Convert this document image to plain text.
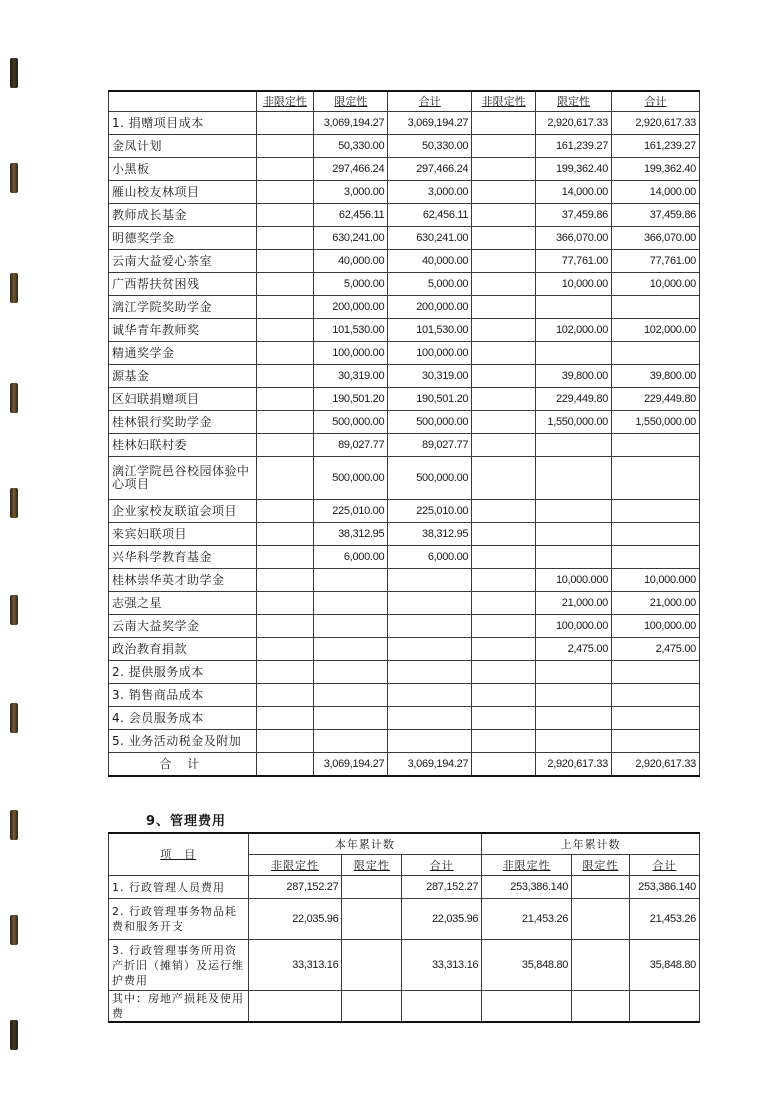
	非限定性	限定性	合计	非限定性	限定性	合计
1. 捐赠项目成本		3,069,194.27	3,069,194.27		2,920,617.33	2,920,617.33
金凤计划		50,330.00	50,330.00		161,239.27	161,239.27
小黑板		297,466.24	297,466.24		199,362.40	199,362.40
雁山校友林项目		3,000.00	3,000.00		14,000.00	14,000.00
教师成长基金		62,456.11	62,456.11		37,459.86	37,459.86
明德奖学金		630,241.00	630,241.00		366,070.00	366,070.00
云南大益爱心茶室		40,000.00	40,000.00		77,761.00	77,761.00
广西帮扶贫困残		5,000.00	5,000.00		10,000.00	10,000.00
漓江学院奖助学金		200,000.00	200,000.00			
诚华青年教师奖		101,530.00	101,530.00		102,000.00	102,000.00
精通奖学金		100,000.00	100,000.00			
源基金		30,319.00	30,319.00		39,800.00	39,800.00
区妇联捐赠项目		190,501.20	190,501.20		229,449.80	229,449.80
桂林银行奖助学金		500,000.00	500,000.00		1,550,000.00	1,550,000.00
桂林妇联村委		89,027.77	89,027.77			
漓江学院邑谷校园体验中心项目		500,000.00	500,000.00			
企业家校友联谊会项目		225,010.00	225,010.00			
来宾妇联项目		38,312.95	38,312.95			
兴华科学教育基金		6,000.00	6,000.00			
桂林崇华英才助学金					10,000.000	10,000.000
志强之星					21,000.00	21,000.00
云南大益奖学金					100,000.00	100,000.00
政治教育捐款					2,475.00	2,475.00
2. 提供服务成本						
3. 销售商品成本						
4. 会员服务成本						
5. 业务活动税金及附加						
合 计		3,069,194.27	3,069,194.27		2,920,617.33	2,920,617.33
9、管理费用
项　目	本年累计数			上年累计数		
	非限定性	限定性	合计	非限定性	限定性	合计
1. 行政管理人员费用	287,152.27		287,152.27	253,386.140		253,386.140
2. 行政管理事务物品耗费和服务开支	22,035.96		22,035.96	21,453.26		21,453.26
3. 行政管理事务所用资产折旧（摊销）及运行维护费用	33,313.16		33,313.16	35,848.80		35,848.80
其中：房地产损耗及使用费						
